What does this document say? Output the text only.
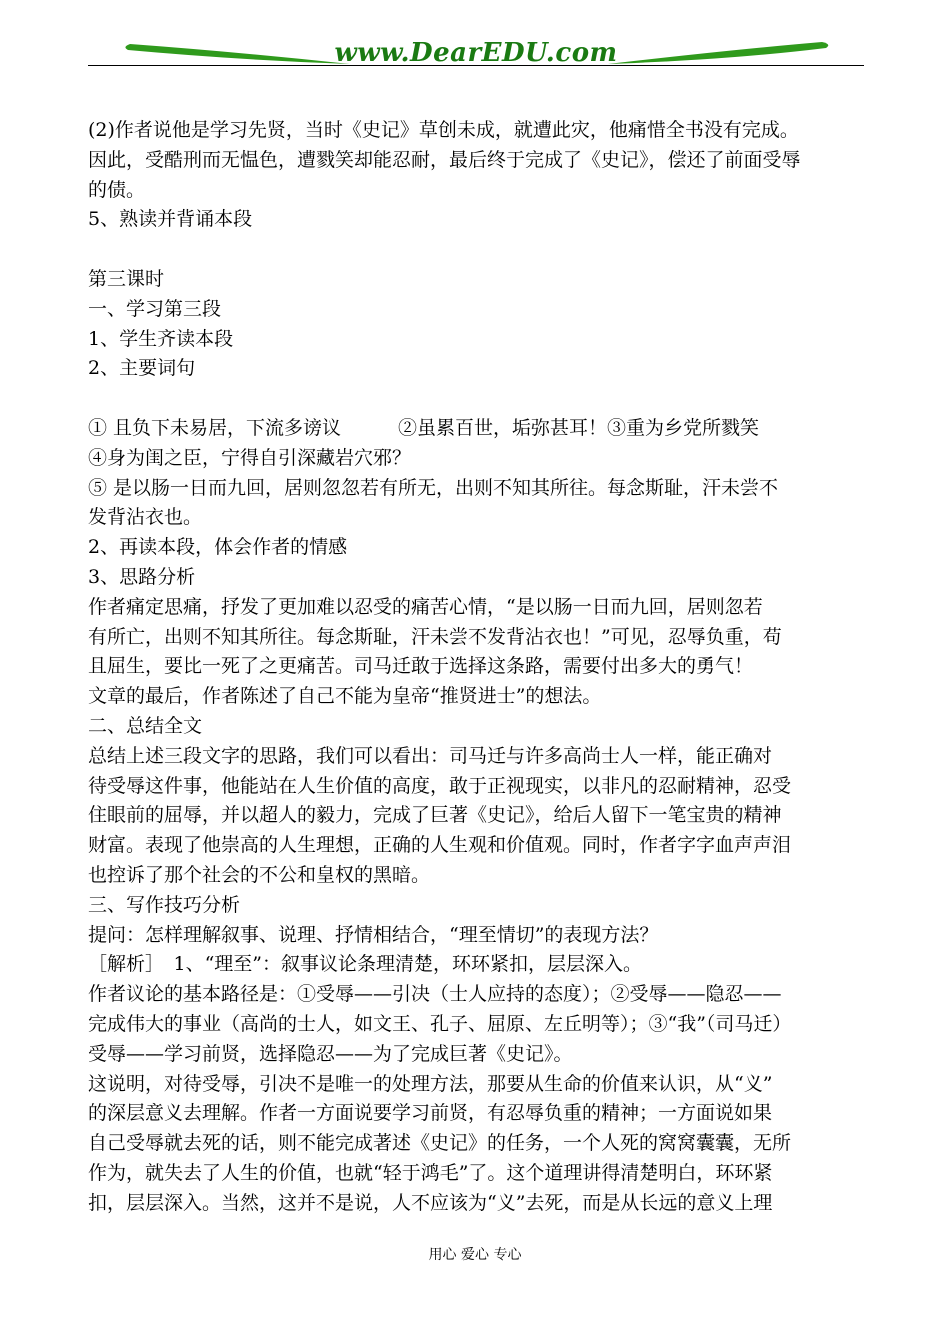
www.DearEDU.com

(2)作者说他是学习先贤，当时《史记》草创未成，就遭此灾，他痛惜全书没有完成。

因此，受酷刑而无愠色，遭戮笑却能忍耐，最后终于完成了《史记》，偿还了前面受辱

的债。

5、熟读并背诵本段

第三课时

一、学习第三段

1、学生齐读本段

2、主要词句

① 且负下未易居，下流多谤议　　　②虽累百世，垢弥甚耳！③重为乡党所戮笑

④身为闺之臣，宁得自引深藏岩穴邪？

⑤ 是以肠一日而九回，居则忽忽若有所无，出则不知其所往。每念斯耻，汗未尝不

发背沾衣也。

2、再读本段，体会作者的情感

3、思路分析

作者痛定思痛，抒发了更加难以忍受的痛苦心情，“是以肠一日而九回，居则忽若

有所亡，出则不知其所往。每念斯耻，汗未尝不发背沾衣也！”可见，忍辱负重，苟

且屈生，要比一死了之更痛苦。司马迁敢于选择这条路，需要付出多大的勇气！

文章的最后，作者陈述了自己不能为皇帝“推贤进士”的想法。

二、总结全文

总结上述三段文字的思路，我们可以看出：司马迁与许多高尚士人一样，能正确对

待受辱这件事，他能站在人生价值的高度，敢于正视现实，以非凡的忍耐精神，忍受

住眼前的屈辱，并以超人的毅力，完成了巨著《史记》，给后人留下一笔宝贵的精神

财富。表现了他崇高的人生理想，正确的人生观和价值观。同时，作者字字血声声泪

也控诉了那个社会的不公和皇权的黑暗。

三、写作技巧分析

提问：怎样理解叙事、说理、抒情相结合，“理至情切”的表现方法？

［解析］　1、“理至”：叙事议论条理清楚，环环紧扣，层层深入。

作者议论的基本路径是：①受辱——引决（士人应持的态度）；②受辱——隐忍——

完成伟大的事业（高尚的士人，如文王、孔子、屈原、左丘明等）；③“我”（司马迁）

受辱——学习前贤，选择隐忍——为了完成巨著《史记》。

这说明，对待受辱，引决不是唯一的处理方法，那要从生命的价值来认识，从“义”

的深层意义去理解。作者一方面说要学习前贤，有忍辱负重的精神；一方面说如果

自己受辱就去死的话，则不能完成著述《史记》的任务，一个人死的窝窝囊囊，无所

作为，就失去了人生的价值，也就“轻于鸿毛”了。这个道理讲得清楚明白，环环紧

扣，层层深入。当然，这并不是说，人不应该为“义”去死，而是从长远的意义上理

用心 爱心 专心
